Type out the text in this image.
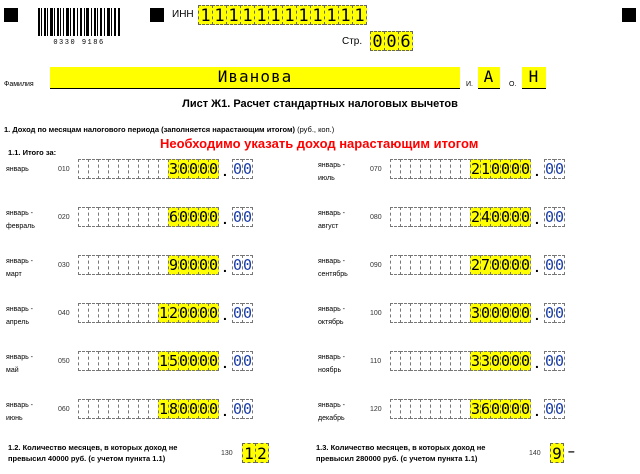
0330 9186
ИНН 1 1 1 1 1 1 1 1 1 1 1 1
Стр. 0 0 6
Фамилия	Иванова	И. А	О. Н
Лист Ж1. Расчет стандартных налоговых вычетов
1. Доход по месяцам налогового периода (заполняется нарастающим итогом) (руб., коп.)
Необходимо указать доход нарастающим итогом
1.1. Итого за:
январь	010	3 0 0 0 0 . 0 0
январь -
февраль
020	6 0 0 0 0 . 0 0
январь -
март
030	9 0 0 0 0 . 0 0
январь -
апрель
040	1 2 0 0 0 0 . 0 0
январь -
май
050	1 5 0 0 0 0 . 0 0
январь -
июнь
060	1 8 0 0 0 0 . 0 0
январь -
июль
070	2 1 0 0 0 0 . 0 0
январь -
август
080	2 4 0 0 0 0 . 0 0
январь -
сентябрь
090	2 7 0 0 0 0 . 0 0
январь -
октябрь
100	3 0 0 0 0 0 . 0 0
январь -
ноябрь
110	3 3 0 0 0 0 . 0 0
январь -
декабрь
120	3 6 0 0 0 0 . 0 0
1.2. Количество месяцев, в которых доход не
превысил 40000 руб. (с учетом пункта 1.1)
130 1 2	1.3. Количество месяцев, в которых доход не
превысил 280000 руб. (с учетом пункта 1.1)
140 9 –
